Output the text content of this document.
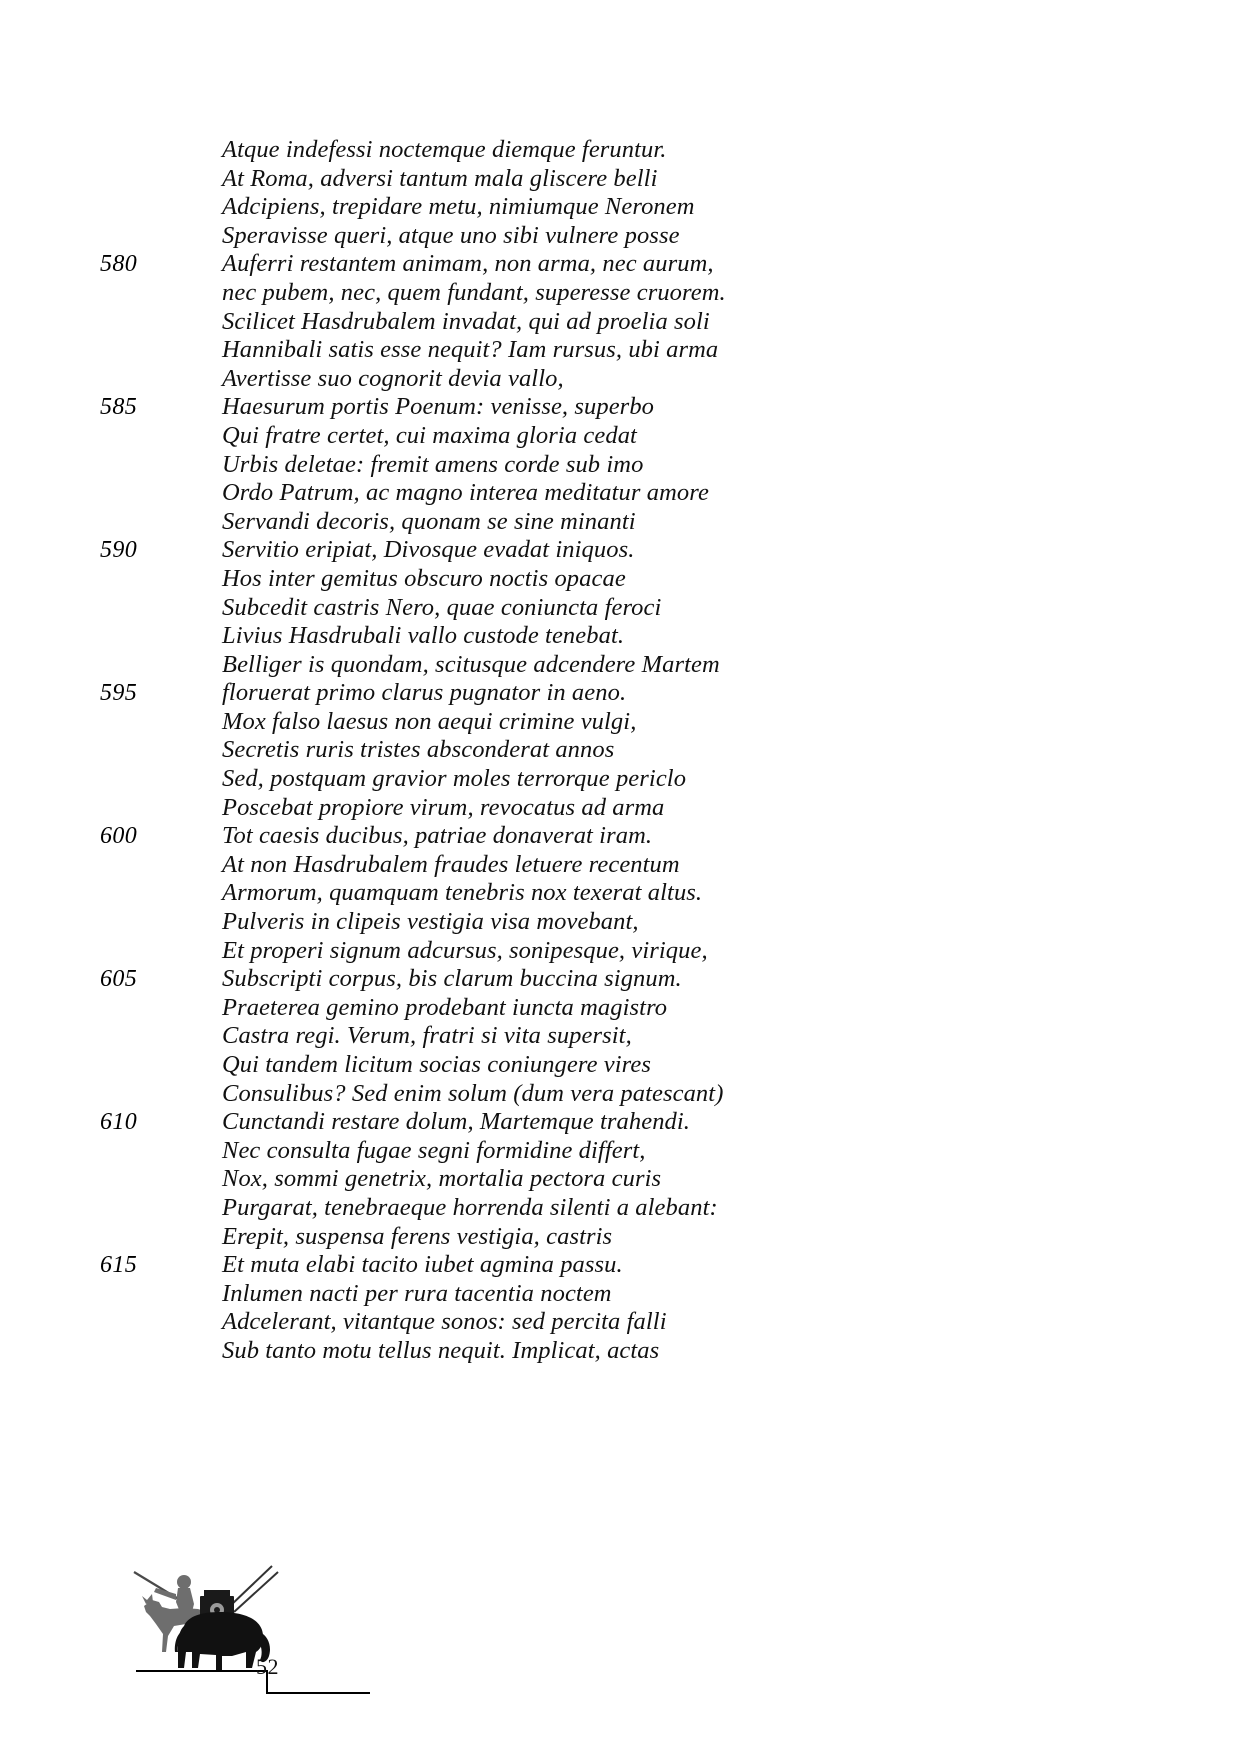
Atque indefessi noctemque diemque feruntur.
At Roma, adversi tantum mala gliscere belli
Adcipiens, trepidare metu, nimiumque Neronem
Speravisse queri, atque uno sibi vulnere posse
580	Auferri restantem animam, non arma, nec aurum,
nec pubem, nec, quem fundant, superesse cruorem.
Scilicet Hasdrubalem invadat, qui ad proelia soli
Hannibali satis esse nequit? Iam rursus, ubi arma
Avertisse suo cognorit devia vallo,
585	Haesurum portis Poenum: venisse, superbo
Qui fratre certet, cui maxima gloria cedat
Urbis deletae: fremit amens corde sub imo
Ordo Patrum, ac magno interea meditatur amore
Servandi decoris, quonam se sine minanti
590	Servitio eripiat, Divosque evadat iniquos.
Hos inter gemitus obscuro noctis opacae
Subcedit castris Nero, quae coniuncta feroci
Livius Hasdrubali vallo custode tenebat.
Belliger is quondam, scitusque adcendere Martem
595	floruerat primo clarus pugnator in aeno.
Mox falso laesus non aequi crimine vulgi,
Secretis ruris tristes absconderat annos
Sed, postquam gravior moles terrorque periclo
Poscebat propiore virum, revocatus ad arma
600	Tot caesis ducibus, patriae donaverat iram.
At non Hasdrubalem fraudes letuere recentum
Armorum, quamquam tenebris nox texerat altus.
Pulveris in clipeis vestigia visa movebant,
Et properi signum adcursus, sonipesque, virique,
605	Subscripti corpus, bis clarum buccina signum.
Praeterea gemino prodebant iuncta magistro
Castra regi. Verum, fratri si vita supersit,
Qui tandem licitum socias coniungere vires
Consulibus? Sed enim solum (dum vera patescant)
610	Cunctandi restare dolum, Martemque trahendi.
Nec consulta fugae segni formidine differt,
Nox, sommi genetrix, mortalia pectora curis
Purgarat, tenebraeque horrenda silenti a alebant:
Erepit, suspensa ferens vestigia, castris
615	Et muta elabi tacito iubet agmina passu.
Inlumen nacti per rura tacentia noctem
Adcelerant, vitantque sonos: sed percita falli
Sub tanto motu tellus nequit. Implicat, actas
52
